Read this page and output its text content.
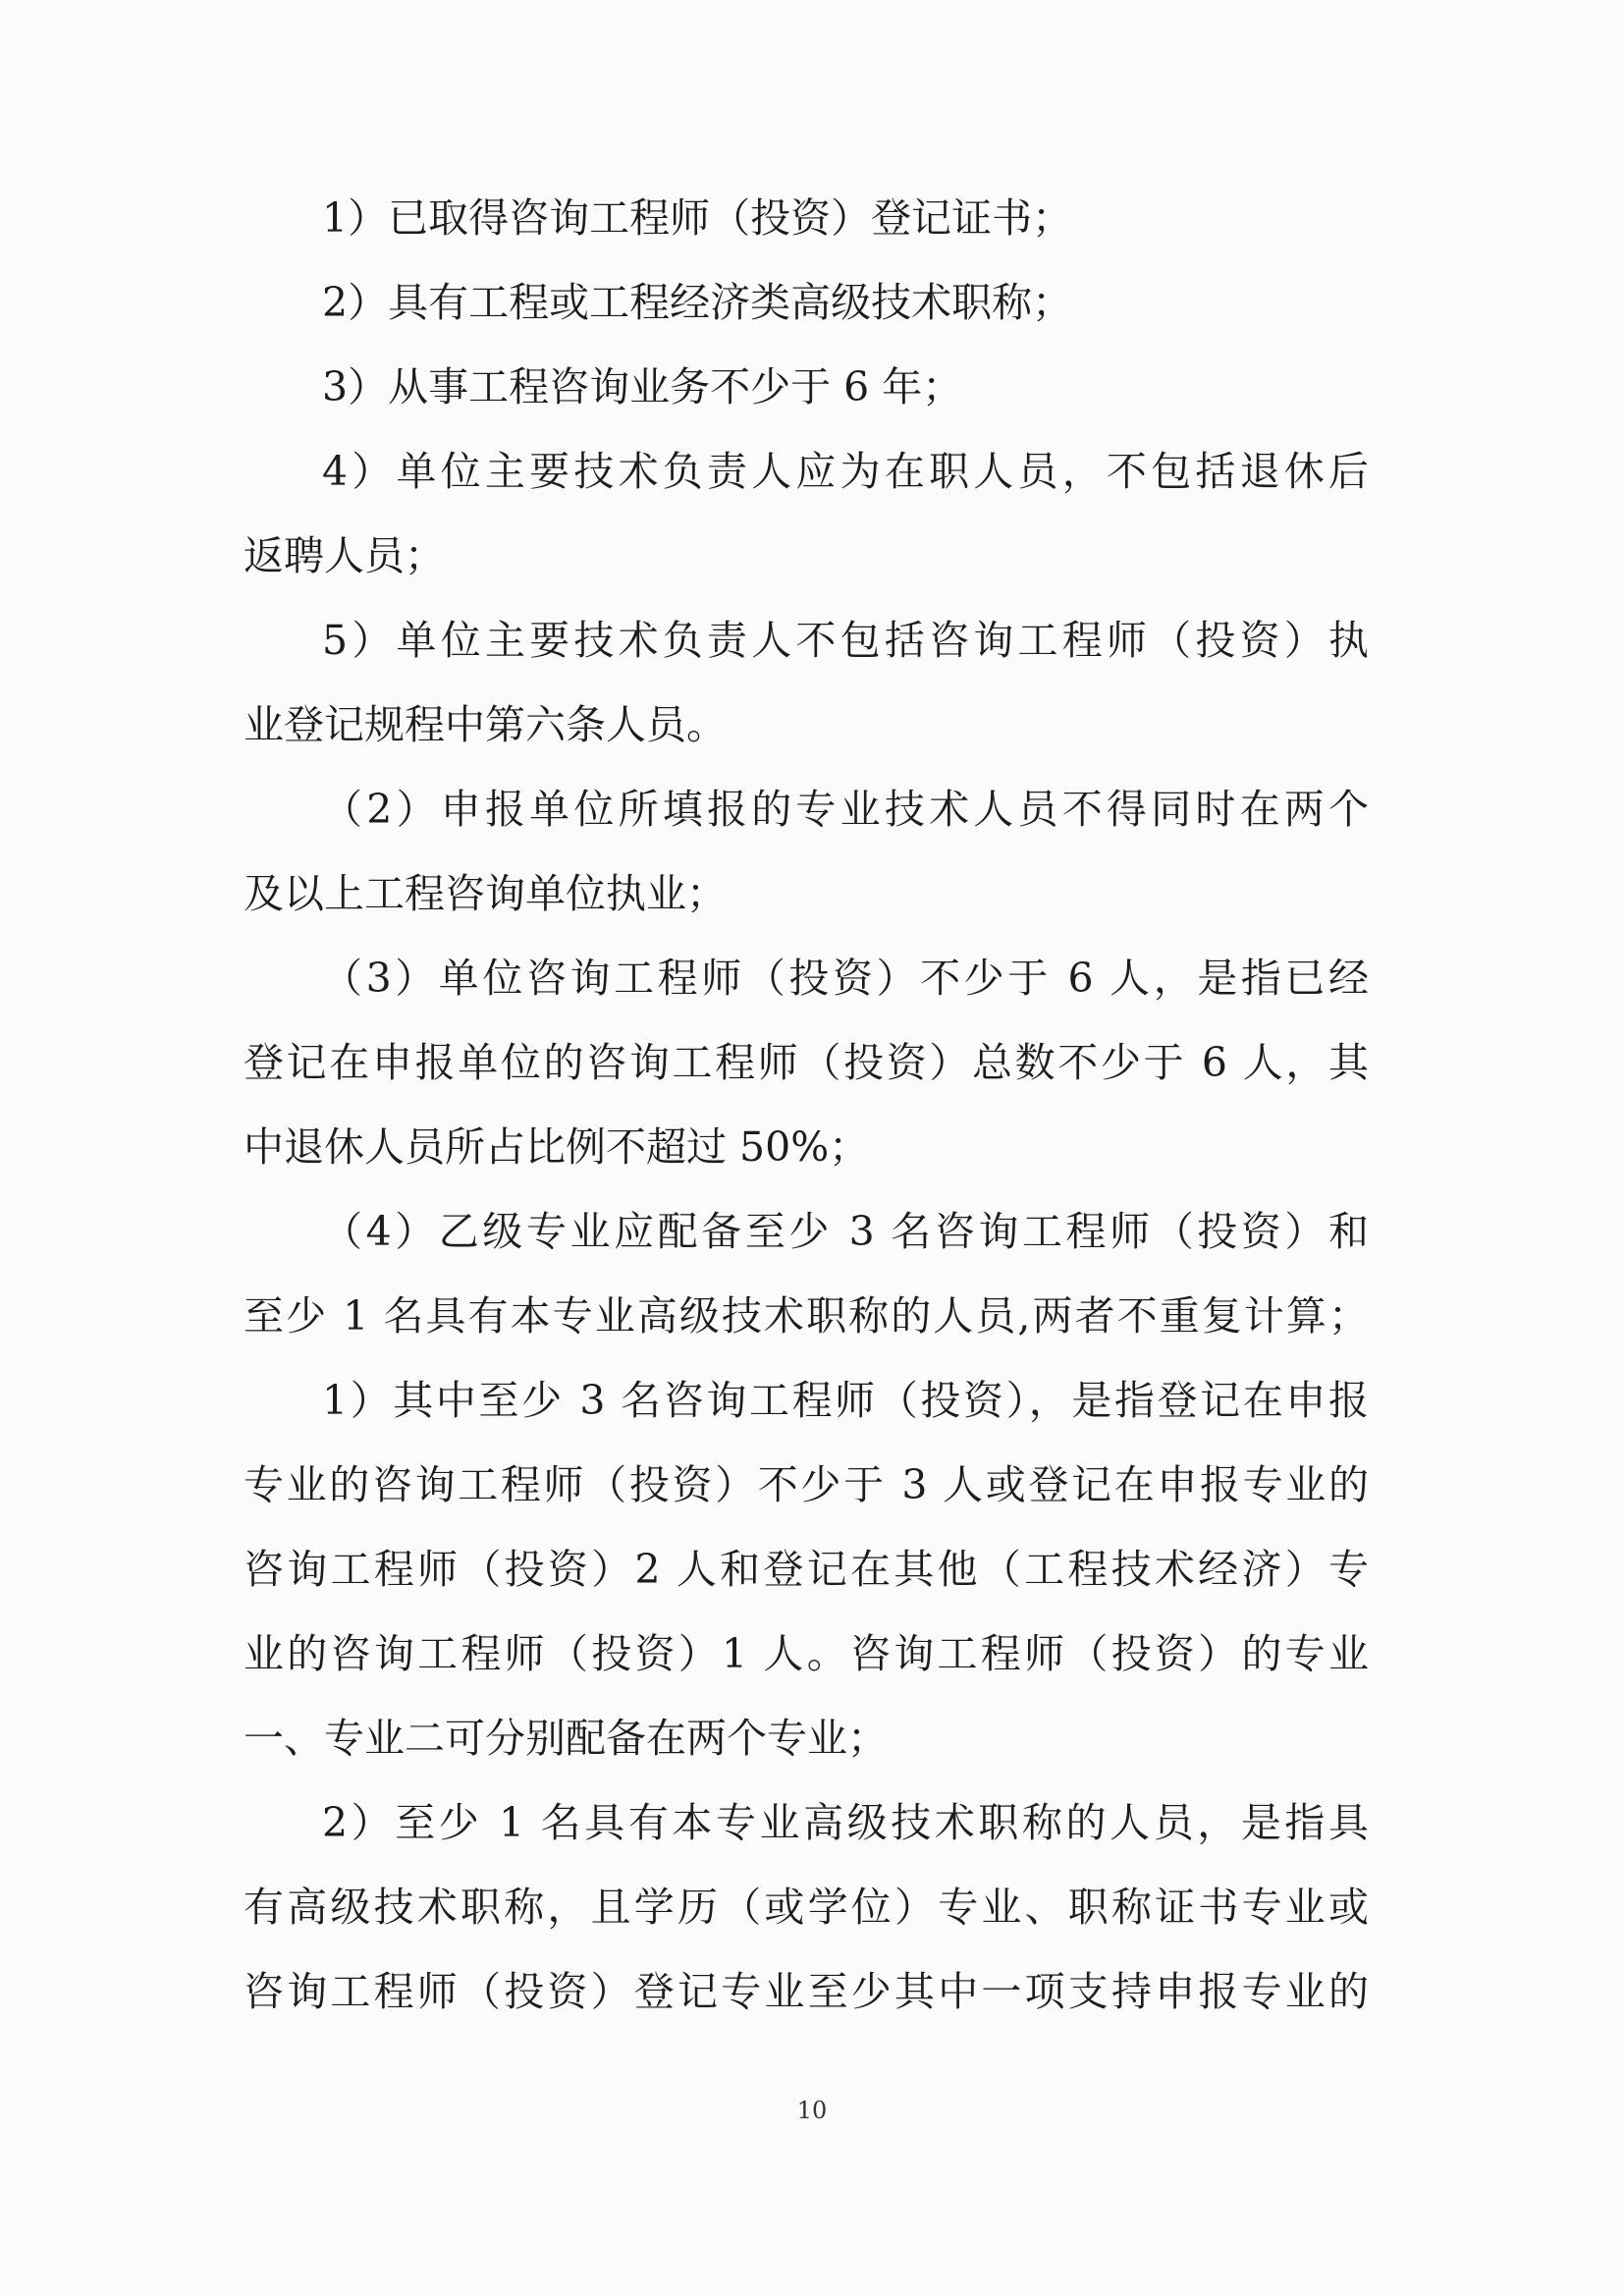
1）已取得咨询工程师（投资）登记证书；
2）具有工程或工程经济类高级技术职称；
3）从事工程咨询业务不少于 6 年；
4）单位主要技术负责人应为在职人员，不包括退休后
返聘人员；
5）单位主要技术负责人不包括咨询工程师（投资）执
业登记规程中第六条人员。
（2）申报单位所填报的专业技术人员不得同时在两个
及以上工程咨询单位执业；
（3）单位咨询工程师（投资）不少于 6 人，是指已经
登记在申报单位的咨询工程师（投资）总数不少于 6 人，其
中退休人员所占比例不超过 50%；
（4）乙级专业应配备至少 3 名咨询工程师（投资）和
至少 1 名具有本专业高级技术职称的人员,两者不重复计算；
1）其中至少 3 名咨询工程师（投资），是指登记在申报
专业的咨询工程师（投资）不少于 3 人或登记在申报专业的
咨询工程师（投资）2 人和登记在其他（工程技术经济）专
业的咨询工程师（投资）1 人。咨询工程师（投资）的专业
一、专业二可分别配备在两个专业；
2）至少 1 名具有本专业高级技术职称的人员，是指具
有高级技术职称，且学历（或学位）专业、职称证书专业或
咨询工程师（投资）登记专业至少其中一项支持申报专业的
10
